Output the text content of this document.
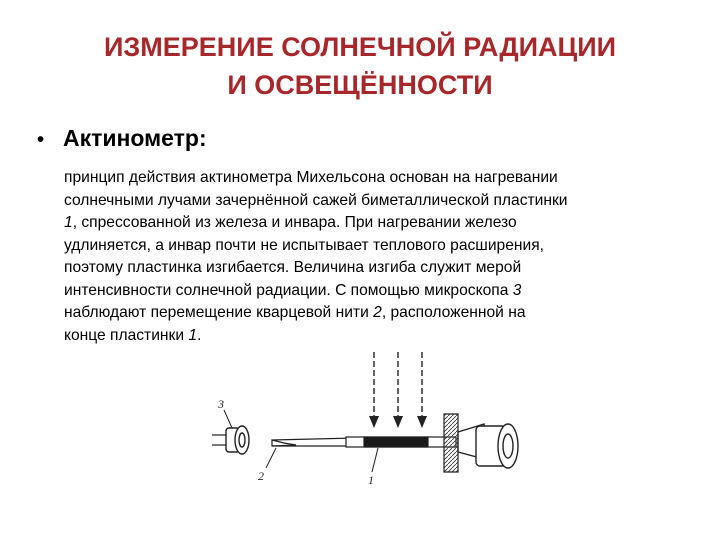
ИЗМЕРЕНИЕ СОЛНЕЧНОЙ РАДИАЦИИ
И ОСВЕЩЁННОСТИ
• Актинометр:
принцип действия актинометра Михельсона основан на нагревании
солнечными лучами зачернённой сажей биметаллической пластинки
1, спрессованной из железа и инвара. При нагревании железо
удлиняется, а инвар почти не испытывает теплового расширения,
поэтому пластинка изгибается. Величина изгиба служит мерой
интенсивности солнечной радиации. С помощью микроскопа 3
наблюдают перемещение кварцевой нити 2, расположенной на
конце пластинки 1.
3
2	1
